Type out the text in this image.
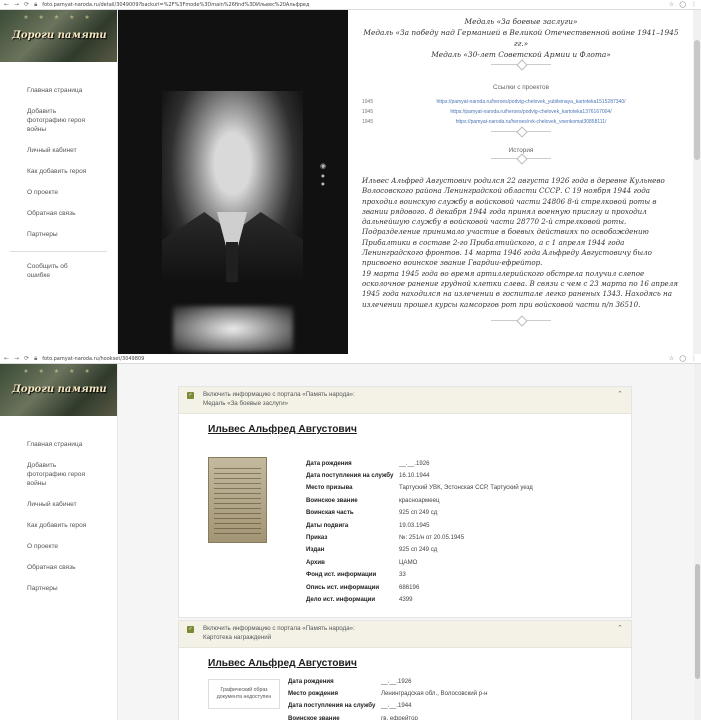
← → ⟳ 🔒︎ foto.pamyat-naroda.ru/detail/3049009?backurl=%2F%3Fmode%3Dmain%26find%3DИльвес%20Альфред	☆ ◯ ⋮
★ ★ ★ ★ ★
Дороги памяти
Главная страница
Добавить фотографию героя войны
Личный кабинет
Как добавить героя
О проекте
Обратная связь
Партнеры
Сообщить об ошибке
◉
●
●
Медаль «За боевые заслуги»
Медаль «За победу над Германией в Великой Отечественной войне 1941–1945 гг.»
Медаль «30-лет Советской Армии и Флота»
Ссылки с проектов
1945	https://pamyat-naroda.ru/heroes/podvig-chelovek_yubileinaya_kartoteka1515287340/
1945	https://pamyat-naroda.ru/heroes/podvig-chelovek_kartoteka1376167004/
1945	https://pamyat-naroda.ru/heroes/rvk-chelovek_voenkomat30858111/
История
Ильвес Альфред Августович родился 22 августа 1926 года в деревне Кульнево Волосовского района Ленинградской области СССР. С 19 ноября 1944 года проходил воинскую службу в войсковой части 24806 8-й стрелковой роты в звании рядового. 8 декабря 1944 года принял военную присягу и проходил дальнейшую службу в войсковой части 28770 2-й стрелковой роты. Подразделение принимало участие в боевых действиях по освобождению Прибалтики в составе 2-го Прибалтийского, а с 1 апреля 1944 года Ленинградского фронтов. 14 марта 1946 года Альфреду Августовичу было присвоено воинское звание Гвардии-ефрейтор.
19 марта 1945 года во время артиллерийского обстрела получил слепое осколочное ранение грудной клетки слева. В связи с чем с 23 марта по 16 апреля 1945 года находился на излечении в госпитале легко раненых 1343. Находясь на излечении прошел курсы камсоргов рот при войсковой части п/п 36510.
← → ⟳ 🔒︎ foto.pamyat-naroda.ru/hookset/3049809	☆ ◯ ⋮
★ ★ ★ ★ ★
Дороги памяти
Главная страница
Добавить фотографию героя войны
Личный кабинет
Как добавить героя
О проекте
Обратная связь
Партнеры
✓ Включить информацию с портала «Память народа»:
Медаль «За боевые заслуги»
⌃
Ильвес Альфред Августович
Дата рождения	__.__.1926
Дата поступления на службу 16.10.1944
Место призыва	Тартуский УВК, Эстонская ССР, Тартуский уезд
Воинское звание	красноармеец
Воинская часть	925 сп 249 сд
Даты подвига	19.03.1945
Приказ	№: 251/н от 20.05.1945
Издан	925 сп 249 сд
Архив	ЦАМО
Фонд ист. информации	33
Опись ист. информации	686196
Дело ист. информации	4399
✓ Включить информацию с портала «Память народа»:
Картотека награждений
⌃
Ильвес Альфред Августович
Графический образ документа недоступен
Дата рождения	__.__.1926
Место рождения	Ленинградская обл., Волосовский р-н
Дата поступления на службу __.__.1944
Воинское звание	гв. ефрейтор
